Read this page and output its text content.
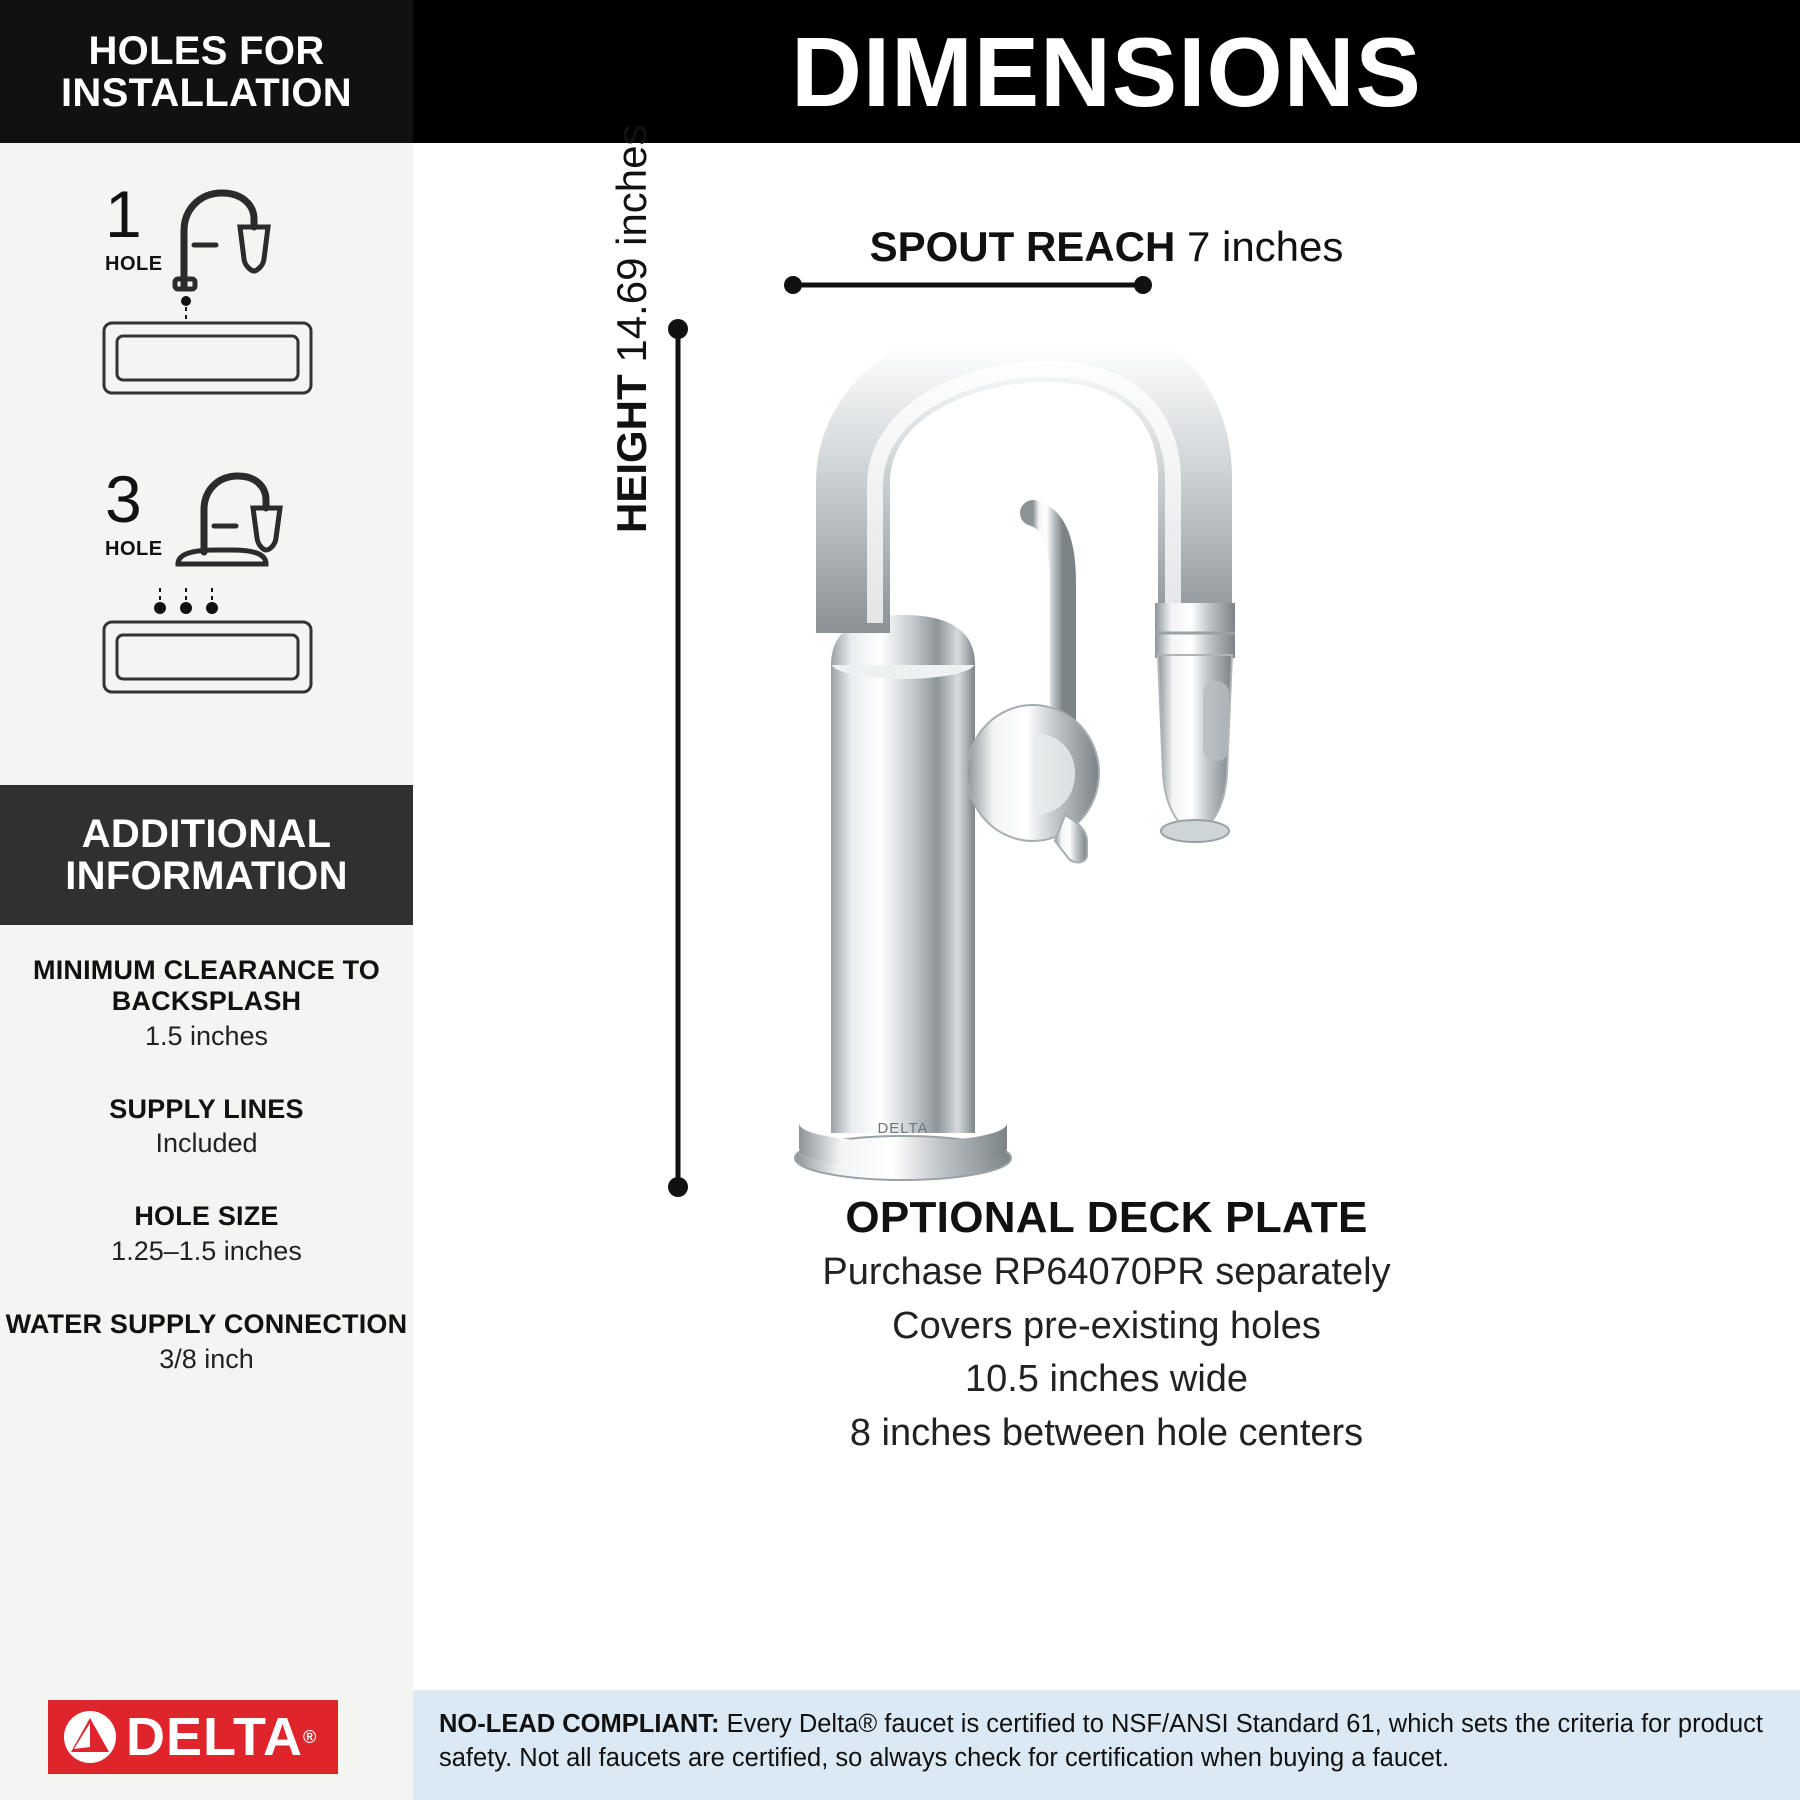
HOLES FOR INSTALLATION
1
HOLE
3
HOLE
ADDITIONAL INFORMATION
MINIMUM CLEARANCE TO BACKSPLASH
1.5 inches
SUPPLY LINES
Included
HOLE SIZE
1.25–1.5 inches
WATER SUPPLY CONNECTION
3/8 inch
DELTA ®
DIMENSIONS
SPOUT REACH 7 inches
HEIGHT 14.69 inches
DELTA
OPTIONAL DECK PLATE
Purchase RP64070PR separately
Covers pre-existing holes
10.5 inches wide
8 inches between hole centers
NO-LEAD COMPLIANT: Every Delta® faucet is certified to NSF/ANSI Standard 61, which sets the criteria for product safety. Not all faucets are certified, so always check for certification when buying a faucet.
